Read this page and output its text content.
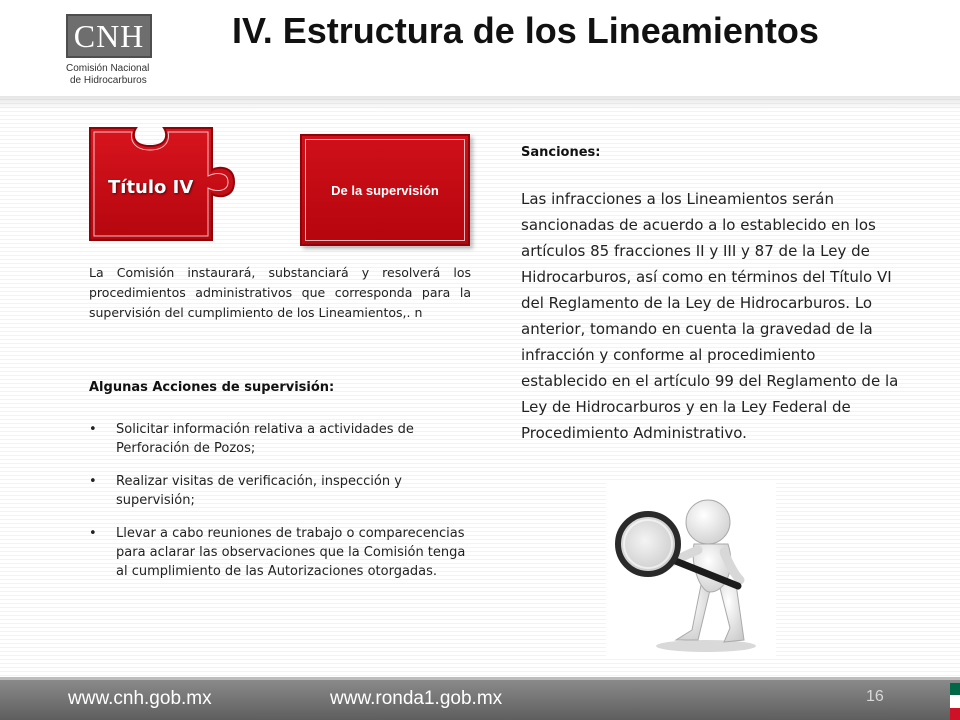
CNH
Comisión Nacional
de Hidrocarburos
IV. Estructura de los Lineamientos
Título IV	De la supervisión
La Comisión instaurará, substanciará y resolverá los procedimientos administrativos que corresponda para la supervisión del cumplimiento de los Lineamientos,. n
Algunas Acciones de supervisión:
• Solicitar información relativa a actividades de Perforación de Pozos;
• Realizar visitas de verificación, inspección y supervisión;
• Llevar a cabo reuniones de trabajo o comparecencias para aclarar las observaciones que la Comisión tenga al cumplimiento de las Autorizaciones otorgadas.
Sanciones:
Las infracciones a los Lineamientos serán sancionadas de acuerdo a lo establecido en los artículos 85 fracciones II y III y 87 de la Ley de Hidrocarburos, así como en términos del Título VI del Reglamento de la Ley de Hidrocarburos. Lo anterior, tomando en cuenta la gravedad de la infracción y conforme al procedimiento establecido en el artículo 99 del Reglamento de la Ley de Hidrocarburos y en la Ley Federal de Procedimiento Administrativo.
www.cnh.gob.mx	www.ronda1.gob.mx	16
